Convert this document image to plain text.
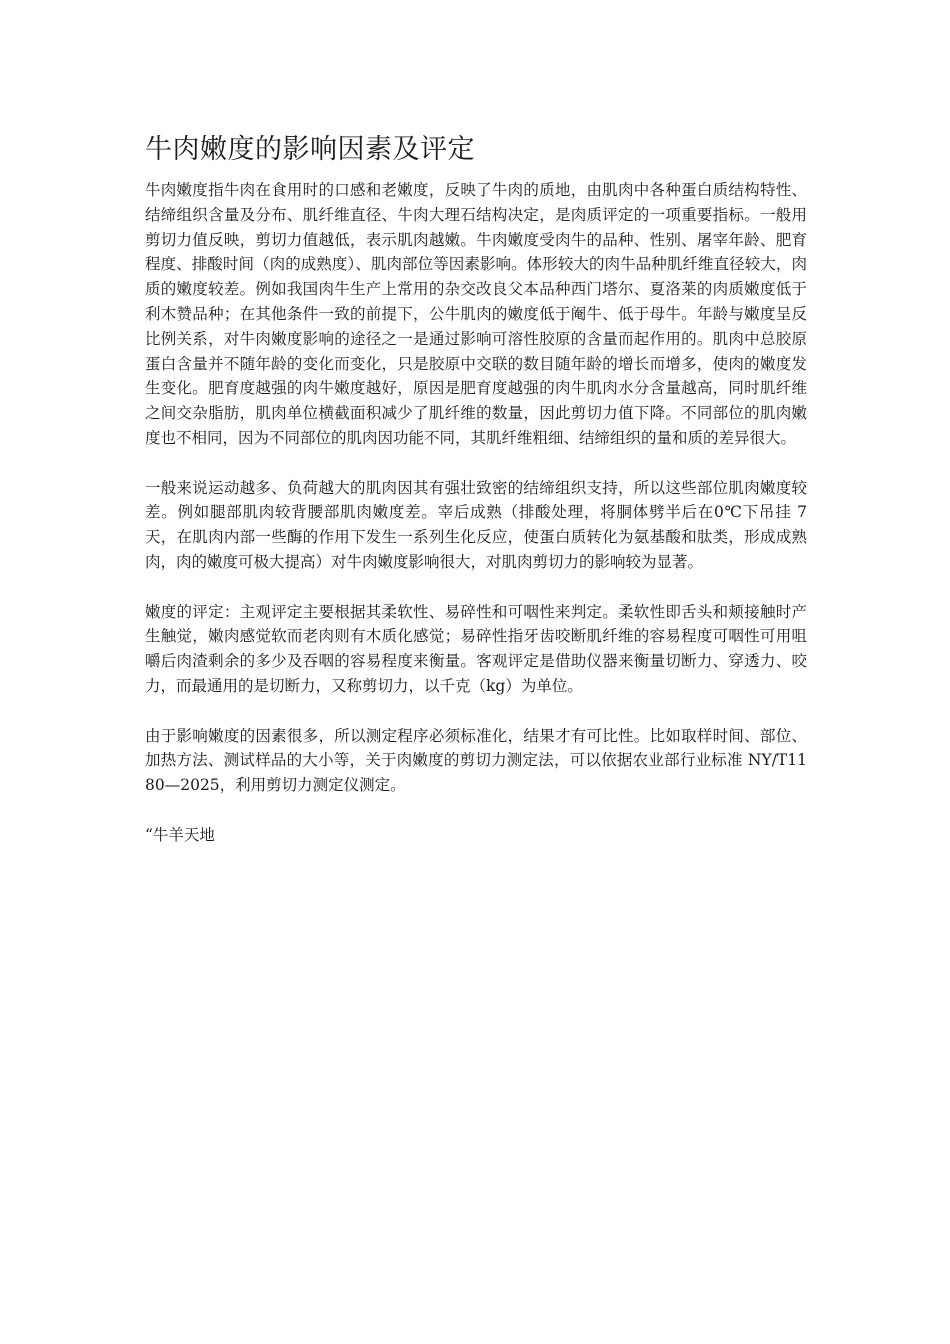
牛肉嫩度的影响因素及评定

牛肉嫩度指牛肉在食用时的口感和老嫩度，反映了牛肉的质地，由肌肉中各种蛋白质结构特性、结缔组织含量及分布、肌纤维直径、牛肉大理石结构决定，是肉质评定的一项重要指标。一般用剪切力值反映，剪切力值越低，表示肌肉越嫩。牛肉嫩度受肉牛的品种、性别、屠宰年龄、肥育程度、排酸时间（肉的成熟度）、肌肉部位等因素影响。体形较大的肉牛品种肌纤维直径较大，肉质的嫩度较差。例如我国肉牛生产上常用的杂交改良父本品种西门塔尔、夏洛莱的肉质嫩度低于利木赞品种；在其他条件一致的前提下，公牛肌肉的嫩度低于阉牛、低于母牛。年龄与嫩度呈反比例关系，对牛肉嫩度影响的途径之一是通过影响可溶性胶原的含量而起作用的。肌肉中总胶原蛋白含量并不随年龄的变化而变化，只是胶原中交联的数目随年龄的增长而增多，使肉的嫩度发生变化。肥育度越强的肉牛嫩度越好，原因是肥育度越强的肉牛肌肉水分含量越高，同时肌纤维之间交杂脂肪，肌肉单位横截面积减少了肌纤维的数量，因此剪切力值下降。不同部位的肌肉嫩度也不相同，因为不同部位的肌肉因功能不同，其肌纤维粗细、结缔组织的量和质的差异很大。

一般来说运动越多、负荷越大的肌肉因其有强壮致密的结缔组织支持，所以这些部位肌肉嫩度较差。例如腿部肌肉较背腰部肌肉嫩度差。宰后成熟（排酸处理，将胴体劈半后在0℃下吊挂 7 天，在肌肉内部一些酶的作用下发生一系列生化反应，使蛋白质转化为氨基酸和肽类，形成成熟肉，肉的嫩度可极大提高）对牛肉嫩度影响很大，对肌肉剪切力的影响较为显著。

嫩度的评定：主观评定主要根据其柔软性、易碎性和可咽性来判定。柔软性即舌头和颊接触时产生触觉，嫩肉感觉软而老肉则有木质化感觉；易碎性指牙齿咬断肌纤维的容易程度可咽性可用咀嚼后肉渣剩余的多少及吞咽的容易程度来衡量。客观评定是借助仪器来衡量切断力、穿透力、咬力，而最通用的是切断力，又称剪切力，以千克（kg）为单位。

由于影响嫩度的因素很多，所以测定程序必须标准化，结果才有可比性。比如取样时间、部位、加热方法、测试样品的大小等，关于肉嫩度的剪切力测定法，可以依据农业部行业标准 NY/T1180—2025，利用剪切力测定仪测定。

“牛羊天地
